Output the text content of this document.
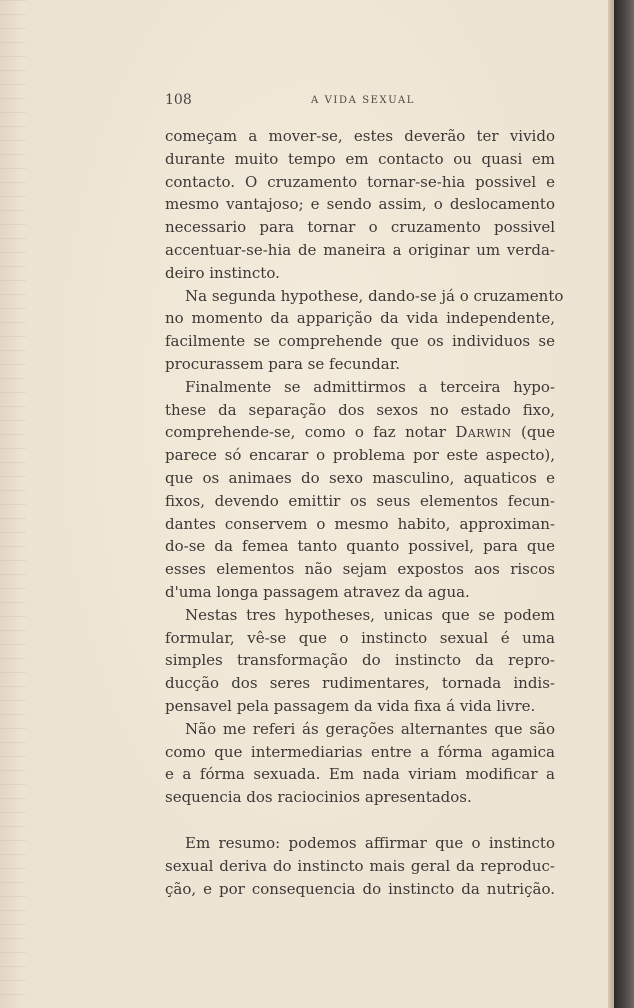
108	A VIDA SEXUAL

começam a mover-se, estes deverão ter vivido

durante muito tempo em contacto ou quasi em

contacto. O cruzamento tornar-se-hia possivel e

mesmo vantajoso; e sendo assim, o deslocamento

necessario para tornar o cruzamento possivel

accentuar-se-hia de maneira a originar um verda-

deiro instincto.

Na segunda hypothese, dando-se já o cruzamento

no momento da apparição da vida independente,

facilmente se comprehende que os individuos se

procurassem para se fecundar.

Finalmente se admittirmos a terceira hypo-

these da separação dos sexos no estado fixo,

comprehende-se, como o faz notar Darwin (que

parece só encarar o problema por este aspecto),

que os animaes do sexo masculino, aquaticos e

fixos, devendo emittir os seus elementos fecun-

dantes conservem o mesmo habito, approximan-

do-se da femea tanto quanto possivel, para que

esses elementos não sejam expostos aos riscos

d'uma longa passagem atravez da agua.

Nestas tres hypotheses, unicas que se podem

formular, vê-se que o instincto sexual é uma

simples transformação do instincto da repro-

ducção dos seres rudimentares, tornada indis-

pensavel pela passagem da vida fixa á vida livre.

Não me referi ás gerações alternantes que são

como que intermediarias entre a fórma agamica

e a fórma sexuada. Em nada viriam modificar a

sequencia dos raciocinios apresentados.

Em resumo: podemos affirmar que o instincto

sexual deriva do instincto mais geral da reproduc-

ção, e por consequencia do instincto da nutrição.
